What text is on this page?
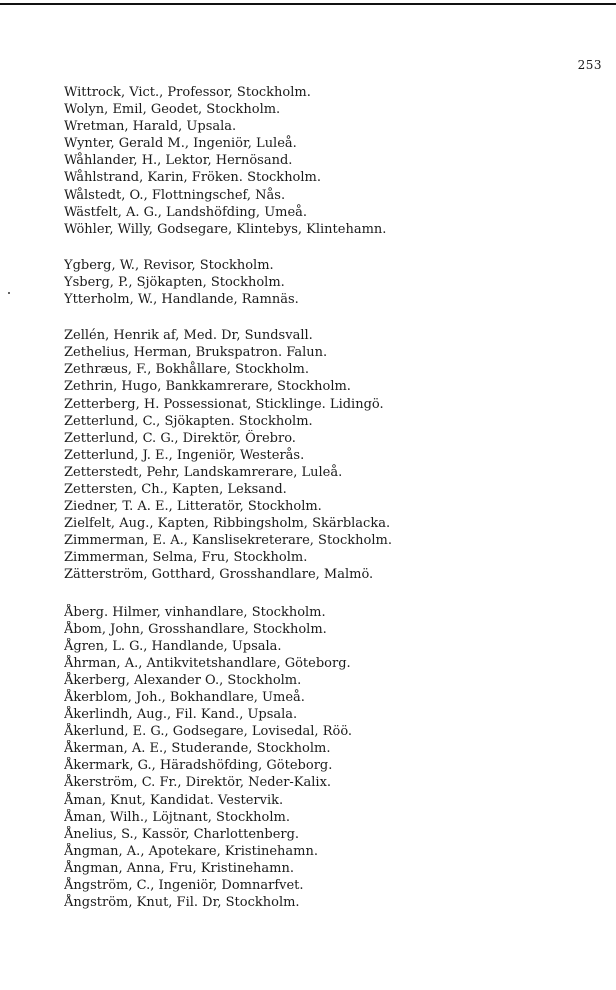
253
Wittrock, Vict., Professor, Stockholm.
Wolyn, Emil, Geodet, Stockholm.
Wretman, Harald, Upsala.
Wynter, Gerald M., Ingeniör, Luleå.
Wåhlander, H., Lektor, Hernösand.
Wåhlstrand, Karin, Fröken. Stockholm.
Wålstedt, O., Flottningschef, Nås.
Wästfelt, A. G., Landshöfding, Umeå.
Wöhler, Willy, Godsegare, Klintebys, Klintehamn.
Ygberg, W., Revisor, Stockholm.
Ysberg, P., Sjökapten, Stockholm.
Ytterholm, W., Handlande, Ramnäs.
Zellén, Henrik af, Med. Dr, Sundsvall.
Zethelius, Herman, Brukspatron. Falun.
Zethræus, F., Bokhållare, Stockholm.
Zethrin, Hugo, Bankkamrerare, Stockholm.
Zetterberg, H. Possessionat, Sticklinge. Lidingö.
Zetterlund, C., Sjökapten. Stockholm.
Zetterlund, C. G., Direktör, Örebro.
Zetterlund, J. E., Ingeniör, Westerås.
Zetterstedt, Pehr, Landskamrerare, Luleå.
Zettersten, Ch., Kapten, Leksand.
Ziedner, T. A. E., Litteratör, Stockholm.
Zielfelt, Aug., Kapten, Ribbingsholm, Skärblacka.
Zimmerman, E. A., Kanslisekreterare, Stockholm.
Zimmerman, Selma, Fru, Stockholm.
Zätterström, Gotthard, Grosshandlare, Malmö.
Åberg. Hilmer, vinhandlare, Stockholm.
Åbom, John, Grosshandlare, Stockholm.
Ågren, L. G., Handlande, Upsala.
Åhrman, A., Antikvitetshandlare, Göteborg.
Åkerberg, Alexander O., Stockholm.
Åkerblom, Joh., Bokhandlare, Umeå.
Åkerlindh, Aug., Fil. Kand., Upsala.
Åkerlund, E. G., Godsegare, Lovisedal, Röö.
Åkerman, A. E., Studerande, Stockholm.
Åkermark, G., Häradshöfding, Göteborg.
Åkerström, C. Fr., Direktör, Neder-Kalix.
Åman, Knut, Kandidat. Vestervik.
Åman, Wilh., Löjtnant, Stockholm.
Ånelius, S., Kassör, Charlottenberg.
Ångman, A., Apotekare, Kristinehamn.
Ångman, Anna, Fru, Kristinehamn.
Ångström, C., Ingeniör, Domnarfvet.
Ångström, Knut, Fil. Dr, Stockholm.
